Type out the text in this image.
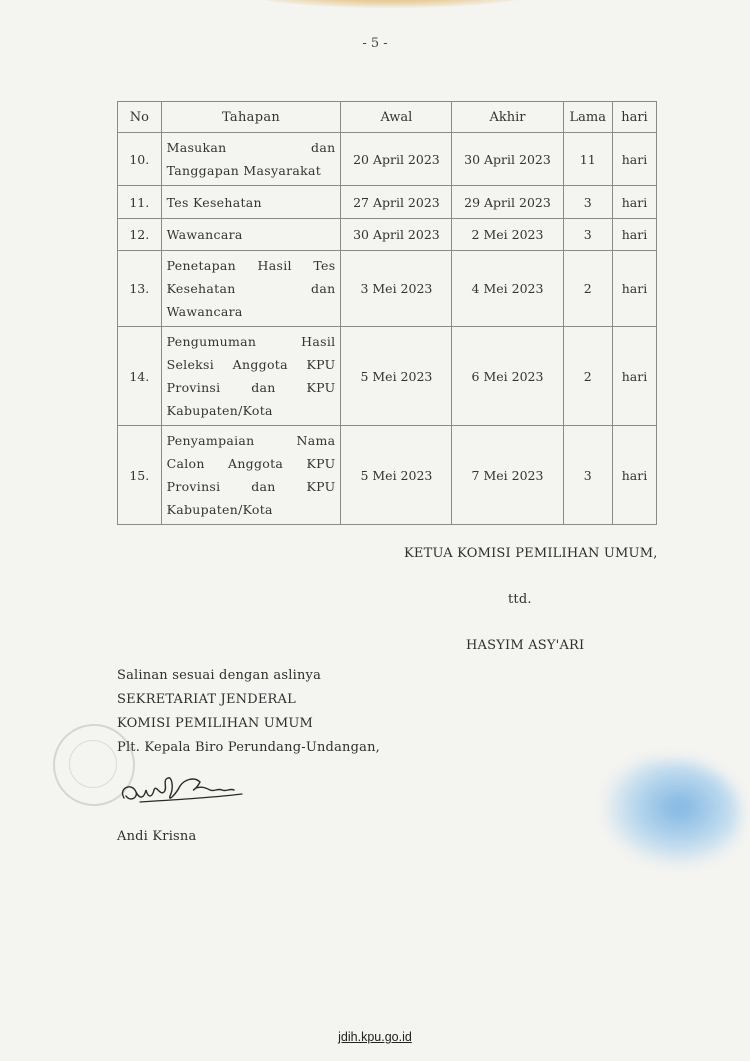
- 5 -
No	Tahapan	Awal	Akhir	Lama	hari
10.	Masukan dan
Tanggapan Masyarakat	20 April 2023	30 April 2023	11	hari
11.	Tes Kesehatan	27 April 2023	29 April 2023	3	hari
12.	Wawancara	30 April 2023	2 Mei 2023	3	hari
13.	Penetapan Hasil Tes
Kesehatan dan
Wawancara	3 Mei 2023	4 Mei 2023	2	hari
14.	Pengumuman Hasil
Seleksi Anggota KPU
Provinsi dan KPU
Kabupaten/Kota	5 Mei 2023	6 Mei 2023	2	hari
15.	Penyampaian Nama
Calon Anggota KPU
Provinsi dan KPU
Kabupaten/Kota	5 Mei 2023	7 Mei 2023	3	hari
KETUA KOMISI PEMILIHAN UMUM,
ttd.
HASYIM ASY'ARI
Salinan sesuai dengan aslinya
SEKRETARIAT JENDERAL
KOMISI PEMILIHAN UMUM
Plt. Kepala Biro Perundang-Undangan,
Andi Krisna
jdih.kpu.go.id
